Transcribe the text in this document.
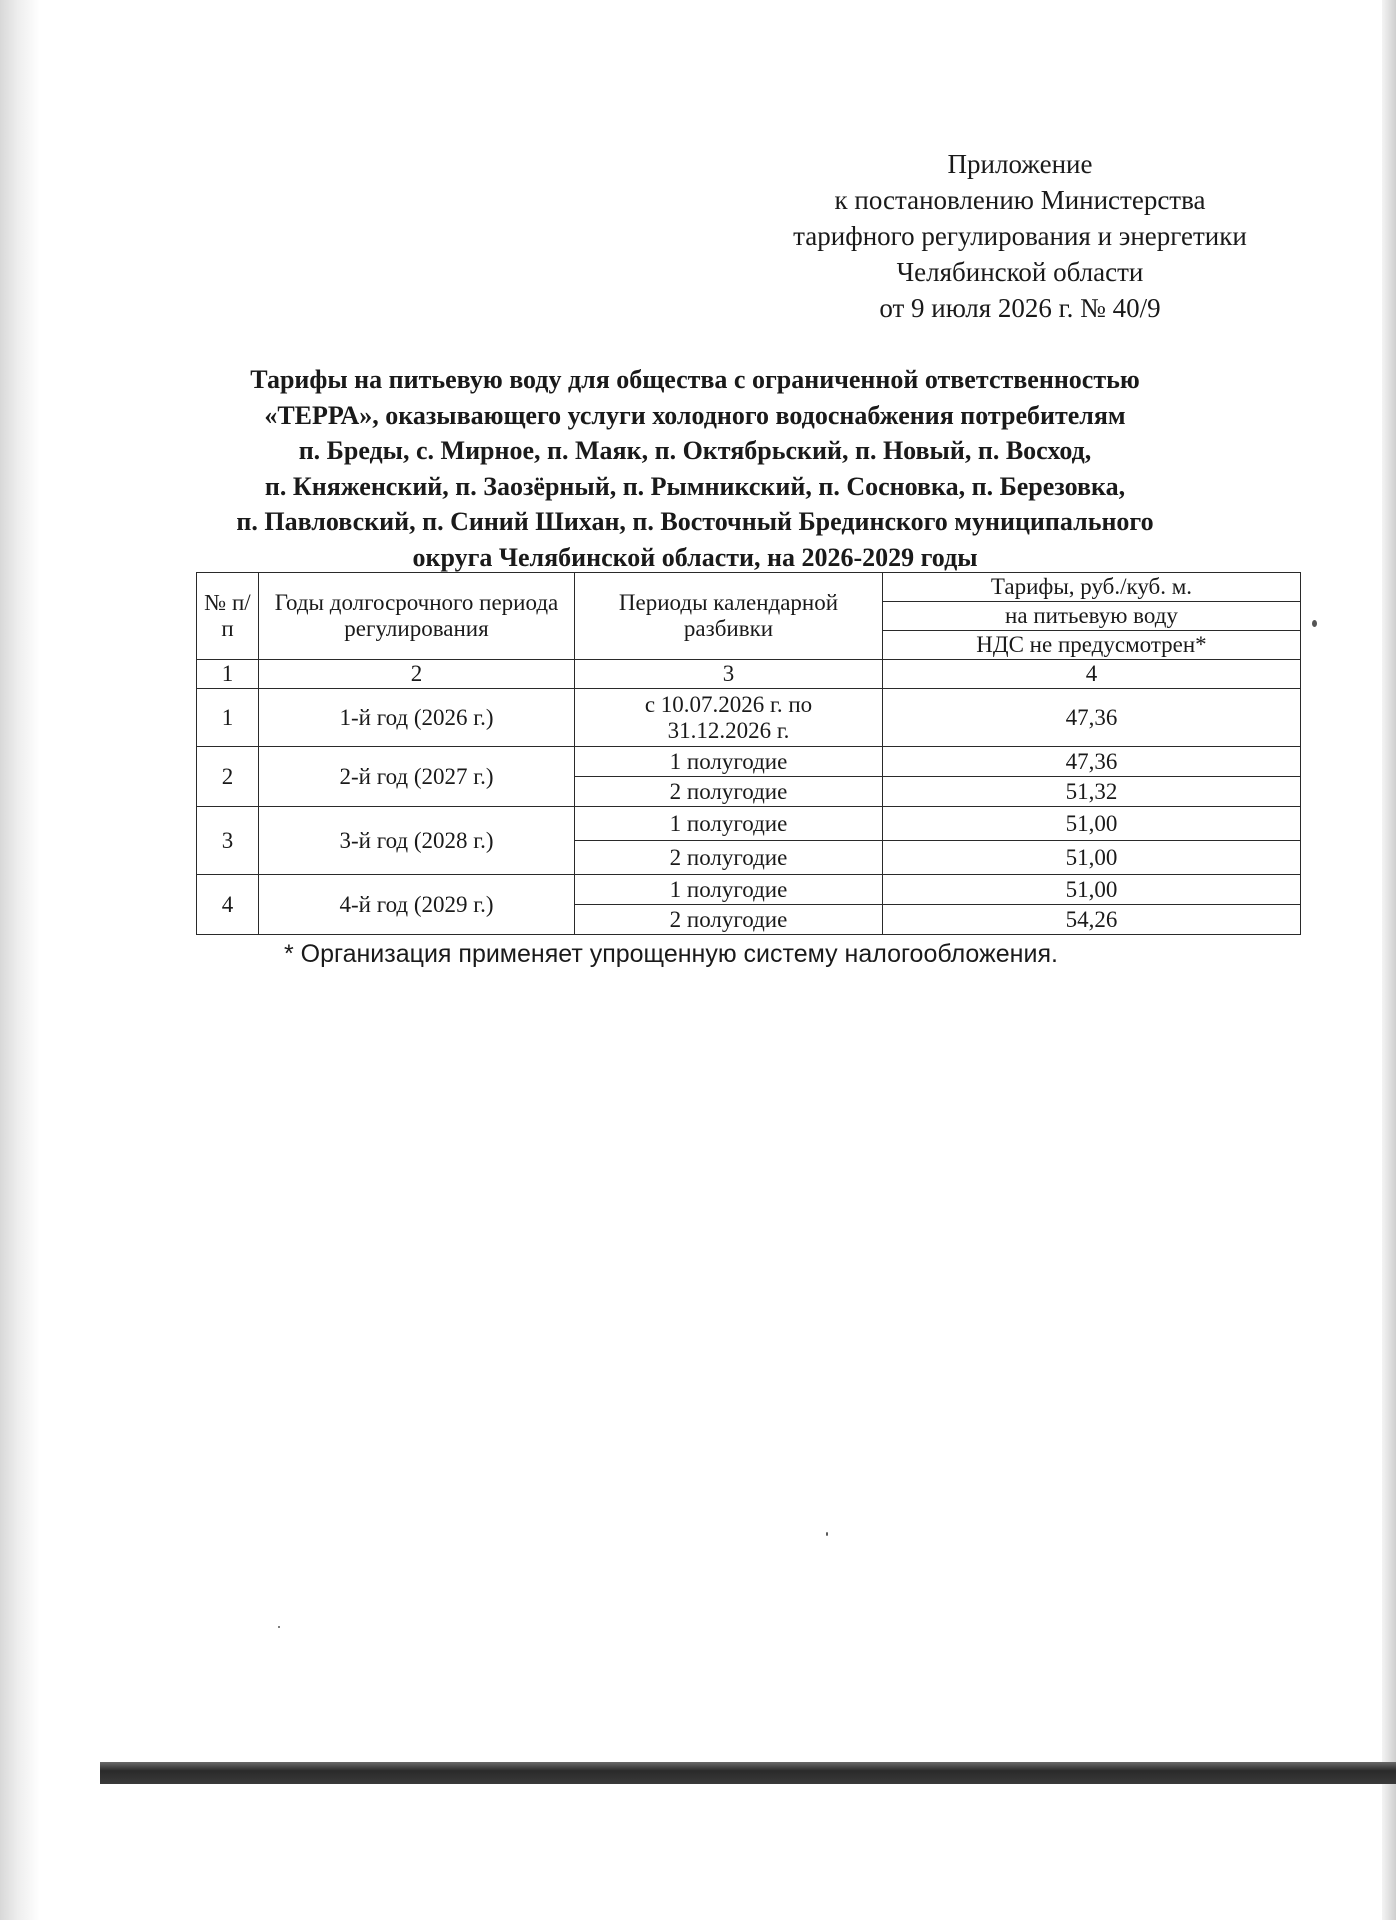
Приложение
к постановлению Министерства
тарифного регулирования и энергетики
Челябинской области
от 9 июля 2026 г. № 40/9
Тарифы на питьевую воду для общества с ограниченной ответственностью
«ТЕРРА», оказывающего услуги холодного водоснабжения потребителям
п. Бреды, с. Мирное, п. Маяк, п. Октябрьский, п. Новый, п. Восход,
п. Княженский, п. Заозёрный, п. Рымникский, п. Сосновка, п. Березовка,
п. Павловский, п. Синий Шихан, п. Восточный Брединского муниципального
округа Челябинской области, на 2026-2029 годы
№ п/п	Годы долгосрочного периода регулирования	Периоды календарной разбивки	Тарифы, руб./куб. м.
			на питьевую воду
			НДС не предусмотрен*
1	2	3	4
1	1-й год (2026 г.)	с 10.07.2026 г. по 31.12.2026 г.	47,36
2	2-й год (2027 г.)	1 полугодие	47,36
		2 полугодие	51,32
3	3-й год (2028 г.)	1 полугодие	51,00
		2 полугодие	51,00
4	4-й год (2029 г.)	1 полугодие	51,00
		2 полугодие	54,26
* Организация применяет упрощенную систему налогообложения.
